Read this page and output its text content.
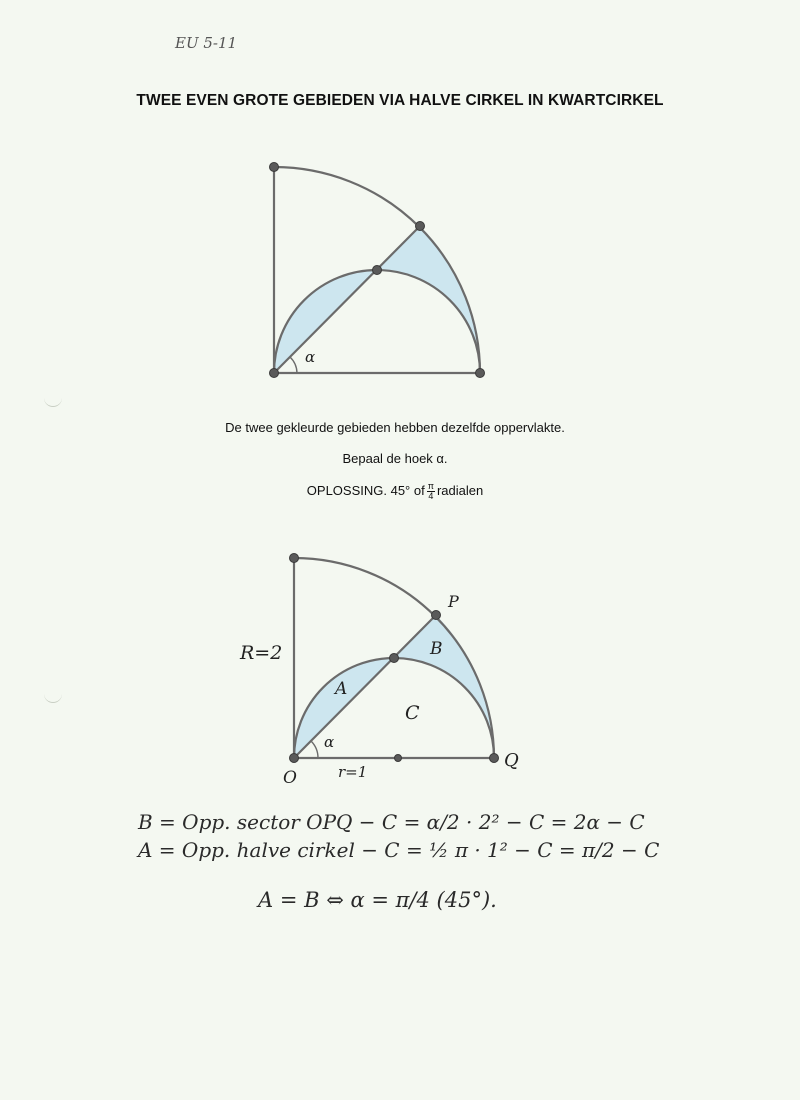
EU 5-11
TWEE EVEN GROTE GEBIEDEN VIA HALVE CIRKEL IN KWARTCIRKEL
α
α
R=2
r=1
O
P
Q
A
B
C
De twee gekleurde gebieden hebben dezelfde oppervlakte.
Bepaal de hoek α.
OPLOSSING. 45° of $\frac{\pi}{4}$ radialen
B = Opp. sector OPQ − C = α/2 · 2² − C = 2α − C
A = Opp. halve cirkel − C = ½ π · 1² − C = π/2 − C
A = B ⇔ α = π/4 (45°).
